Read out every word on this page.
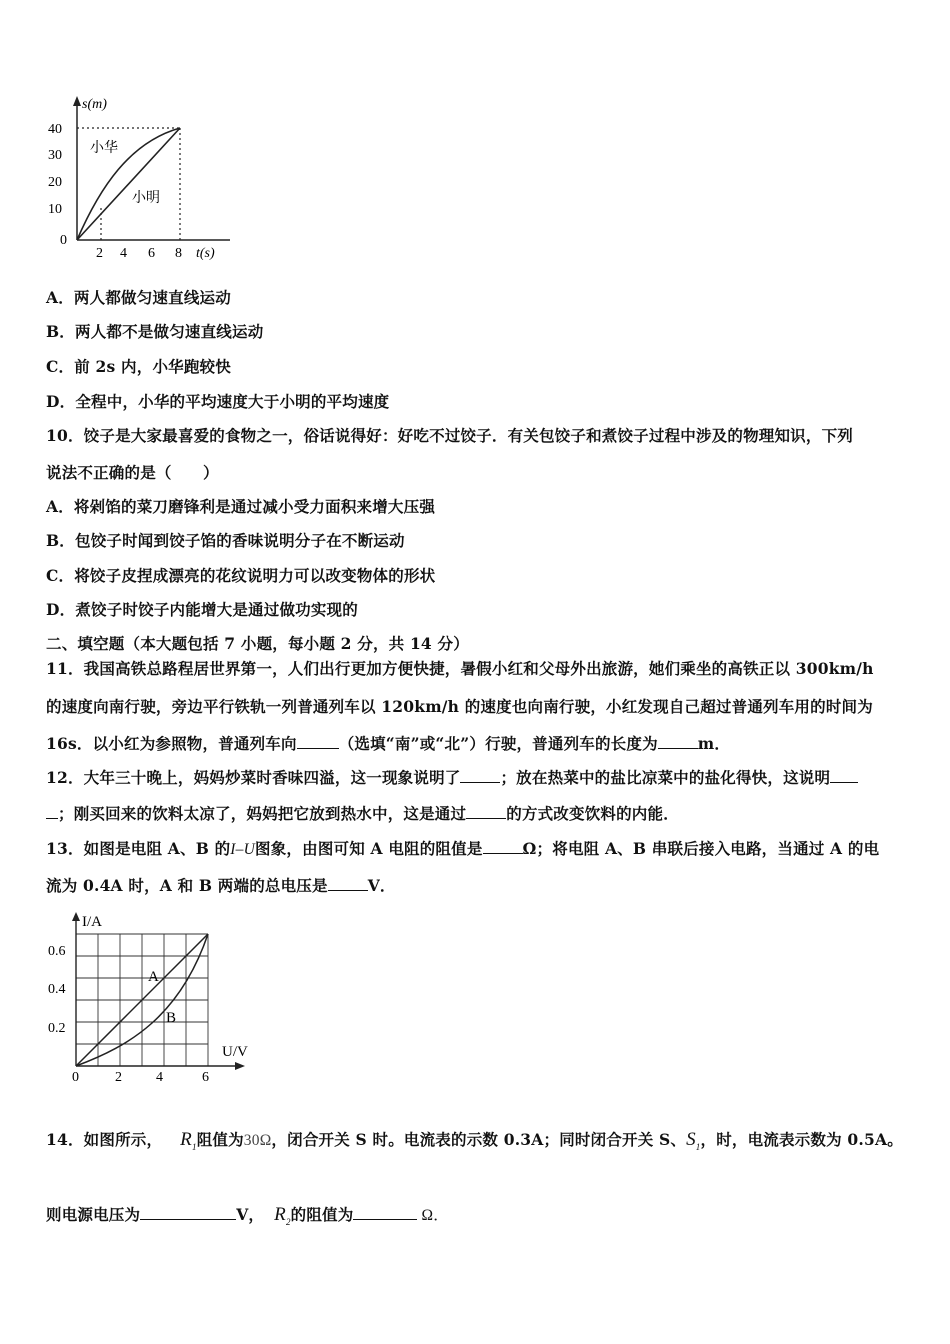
s(m)
40
30
20
10
0
2 4 6 8 t(s)
小华
小明
A．两人都做匀速直线运动
B．两人都不是做匀速直线运动
C．前 2s 内，小华跑较快
D．全程中，小华的平均速度大于小明的平均速度
10．饺子是大家最喜爱的食物之一，俗话说得好：好吃不过饺子．有关包饺子和煮饺子过程中涉及的物理知识，下列
说法不正确的是（　　）
A．将剁馅的菜刀磨锋利是通过减小受力面积来增大压强
B．包饺子时闻到饺子馅的香味说明分子在不断运动
C．将饺子皮捏成漂亮的花纹说明力可以改变物体的形状
D．煮饺子时饺子内能增大是通过做功实现的
二、填空题（本大题包括 7 小题，每小题 2 分，共 14 分）
11．我国高铁总路程居世界第一，人们出行更加方便快捷，暑假小红和父母外出旅游，她们乘坐的高铁正以 300km/h
的速度向南行驶，旁边平行铁轨一列普通列车以 120km/h 的速度也向南行驶，小红发现自己超过普通列车用的时间为
16s．以小红为参照物，普通列车向	（选填“南”或“北”）行驶，普通列车的长度为	m．
12．大年三十晚上，妈妈炒菜时香味四溢，这一现象说明了	；放在热菜中的盐比凉菜中的盐化得快，这说明
；刚买回来的饮料太凉了，妈妈把它放到热水中，这是通过	的方式改变饮料的内能．
13．如图是电阻 A、B 的I–U图象，由图可知 A 电阻的阻值是	Ω；将电阻 A、B 串联后接入电路，当通过 A 的电
流为 0.4A 时，A 和 B 两端的总电压是	V．
I/A
U/V
0.6
0.4
0.2
0	2 4	6
A
B
14．如图所示， $R_1$阻值为30Ω，闭合开关 S 时。电流表的示数 0.3A；同时闭合开关 S、$S_1$，时，电流表示数为 0.5A。
则电源电压为	V， $R_2$的阻值为	Ω．
